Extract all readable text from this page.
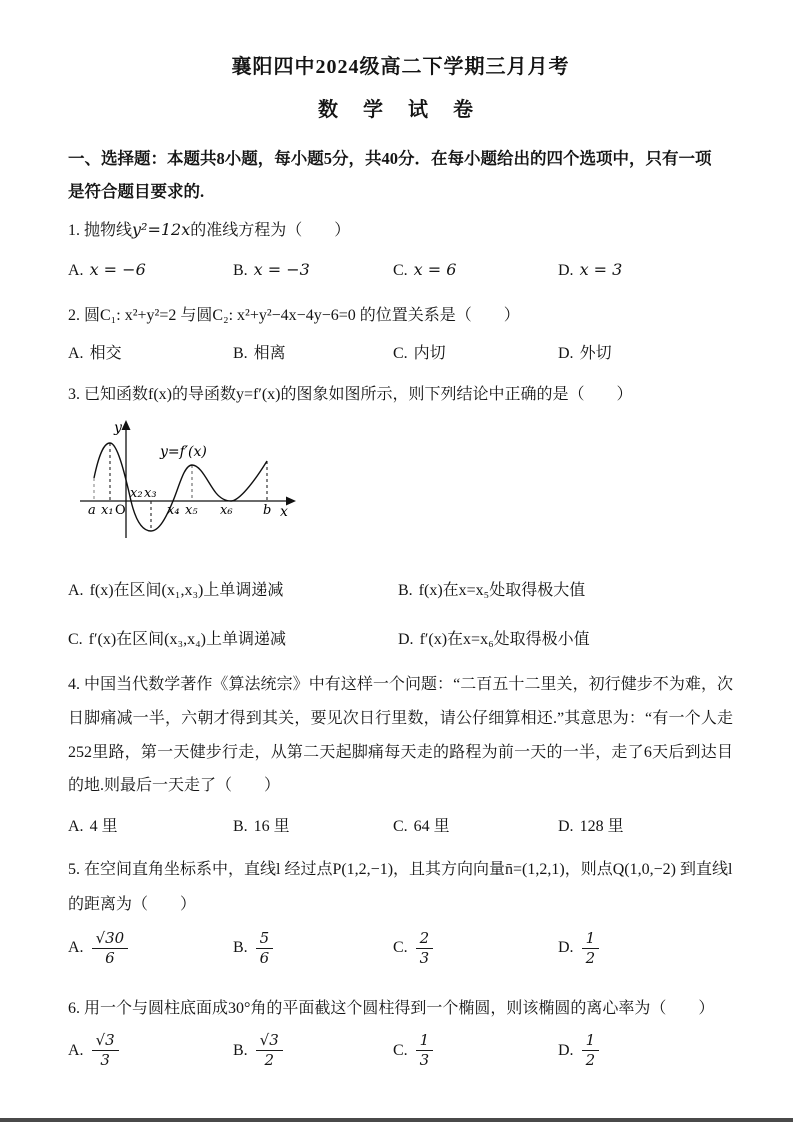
襄阳四中2024级高二下学期三月月考
数 学 试 卷
一、选择题：本题共8小题，每小题5分，共40分．在每小题给出的四个选项中，只有一项
是符合题目要求的.

1. 抛物线y²=12x的准线方程为（　　）

A. x = −6	B. x = −3	C. x = 6	D. x = 3

2. 圆C₁: x²+y²=2 与圆C₂: x²+y²−4x−4y−6=0 的位置关系是（　　）

A. 相交	B. 相离	C. 内切	D. 外切

3. 已知函数f(x)的导函数y=f′(x)的图象如图所示，则下列结论中正确的是（　　）

y
x
O
y=f′(x)
a x₁
x₂ x₃
x₄ x₅ x₆ b
A. f(x)在区间(x₁,x₃)上单调递减	B. f(x)在x=x₅处取得极大值
C. f′(x)在区间(x₃,x₄)上单调递减	D. f′(x)在x=x₆处取得极小值

4. 中国当代数学著作《算法统宗》中有这样一个问题：“二百五十二里关，初行健步不为难，次日脚痛减一半，六朝才得到其关，要见次日行里数，请公仔细算相还.”其意思为：“有一个人走252里路，第一天健步行走，从第二天起脚痛每天走的路程为前一天的一半，走了6天后到达目的地.则最后一天走了（　　）

A. 4 里	B. 16 里	C. 64 里	D. 128 里

5. 在空间直角坐标系中，直线l 经过点P(1,2,−1)，且其方向向量n̄=(1,2,1)，则点Q(1,0,−2) 到直线l 的距离为（　　）

A. $\frac{√30}{6}$	B. $\frac{5}{6}$	C. $\frac{2}{3}$	D. $\frac{1}{2}$

6. 用一个与圆柱底面成30°角的平面截这个圆柱得到一个椭圆，则该椭圆的离心率为（　　）

A. $\frac{√3}{3}$	B. $\frac{√3}{2}$	C. $\frac{1}{3}$	D. $\frac{1}{2}$
